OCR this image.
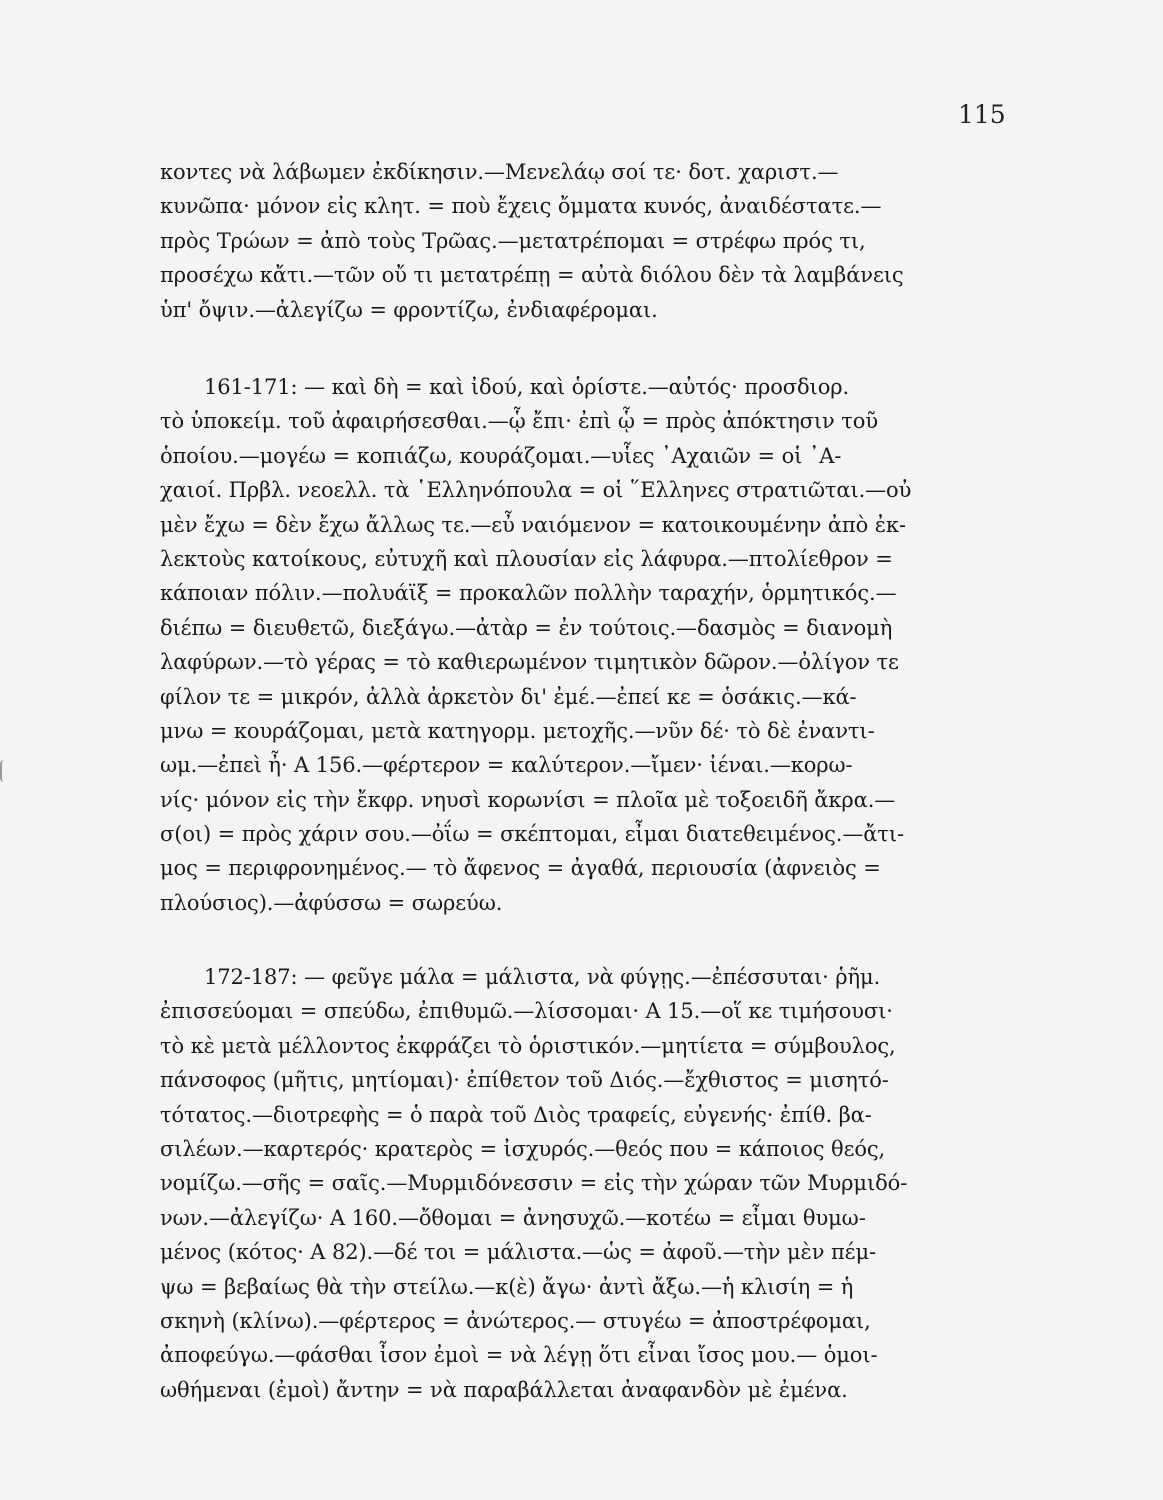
115
κοντες νὰ λάβωμεν ἐκδίκησιν.—Μενελάῳ σοί τε· δοτ. χαριστ.—
κυνῶπα· μόνον εἰς κλητ. = ποὺ ἔχεις ὄμματα κυνός, ἀναιδέστατε.—
πρὸς Τρώων = ἀπὸ τοὺς Τρῶας.—μετατρέπομαι = στρέφω πρός τι,
προσέχω κἄτι.—τῶν οὔ τι μετατρέπῃ = αὐτὰ διόλου δὲν τὰ λαμβάνεις
ὑπ' ὄψιν.—ἀλεγίζω = φροντίζω, ἐνδιαφέρομαι.
161-171: — καὶ δὴ = καὶ ἰδού, καὶ ὁρίστε.—αὐτός· προσδιορ.
τὸ ὑποκείμ. τοῦ ἀφαιρήσεσθαι.—ᾧ ἔπι· ἐπὶ ᾧ = πρὸς ἀπόκτησιν τοῦ
ὁποίου.—μογέω = κοπιάζω, κουράζομαι.—υἷες ᾿Αχαιῶν = οἱ ᾿Α-
χαιοί. Πρβλ. νεοελλ. τὰ ῾Ελληνόπουλα = οἱ ῞Ελληνες στρατιῶται.—οὐ
μὲν ἔχω = δὲν ἔχω ἄλλως τε.—εὖ ναιόμενον = κατοικουμένην ἀπὸ ἐκ-
λεκτοὺς κατοίκους, εὐτυχῆ καὶ πλουσίαν εἰς λάφυρα.—πτολίεθρον =
κάποιαν πόλιν.—πολυάϊξ = προκαλῶν πολλὴν ταραχήν, ὁρμητικός.—
διέπω = διευθετῶ, διεξάγω.—ἀτὰρ = ἐν τούτοις.—δασμὸς = διανομὴ
λαφύρων.—τὸ γέρας = τὸ καθιερωμένον τιμητικὸν δῶρον.—ὀλίγον τε
φίλον τε = μικρόν, ἀλλὰ ἀρκετὸν δι' ἐμέ.—ἐπεί κε = ὁσάκις.—κά-
μνω = κουράζομαι, μετὰ κατηγορμ. μετοχῆς.—νῦν δέ· τὸ δὲ ἐναντι-
ωμ.—ἐπεὶ ἦ· Α 156.—φέρτερον = καλύτερον.—ἴμεν· ἰέναι.—κορω-
νίς· μόνον εἰς τὴν ἔκφρ. νηυσὶ κορωνίσι = πλοῖα μὲ τοξοειδῆ ἄκρα.—
σ(οι) = πρὸς χάριν σου.—ὀΐω = σκέπτομαι, εἶμαι διατεθειμένος.—ἄτι-
μος = περιφρονημένος.— τὸ ἄφενος = ἀγαθά, περιουσία (ἀφνειὸς =
πλούσιος).—ἀφύσσω = σωρεύω.
172-187: — φεῦγε μάλα = μάλιστα, νὰ φύγῃς.—ἐπέσσυται· ῥῆμ.
ἐπισσεύομαι = σπεύδω, ἐπιθυμῶ.—λίσσομαι· Α 15.—οἵ κε τιμήσουσι·
τὸ κὲ μετὰ μέλλοντος ἐκφράζει τὸ ὁριστικόν.—μητίετα = σύμβουλος,
πάνσοφος (μῆτις, μητίομαι)· ἐπίθετον τοῦ Διός.—ἔχθιστος = μισητό-
τότατος.—διοτρεφὴς = ὁ παρὰ τοῦ Διὸς τραφείς, εὐγενής· ἐπίθ. βα-
σιλέων.—καρτερός· κρατερὸς = ἰσχυρός.—θεός που = κάποιος θεός,
νομίζω.—σῆς = σαῖς.—Μυρμιδόνεσσιν = εἰς τὴν χώραν τῶν Μυρμιδό-
νων.—ἀλεγίζω· Α 160.—ὄθομαι = ἀνησυχῶ.—κοτέω = εἶμαι θυμω-
μένος (κότος· Α 82).—δέ τοι = μάλιστα.—ὡς = ἀφοῦ.—τὴν μὲν πέμ-
ψω = βεβαίως θὰ τὴν στείλω.—κ(ὲ) ἄγω· ἀντὶ ἄξω.—ἡ κλισίη = ἡ
σκηνὴ (κλίνω).—φέρτερος = ἀνώτερος.— στυγέω = ἀποστρέφομαι,
ἀποφεύγω.—φάσθαι ἶσον ἐμοὶ = νὰ λέγῃ ὅτι εἶναι ἴσος μου.— ὁμοι-
ωθήμεναι (ἐμοὶ) ἄντην = νὰ παραβάλλεται ἀναφανδὸν μὲ ἐμένα.
